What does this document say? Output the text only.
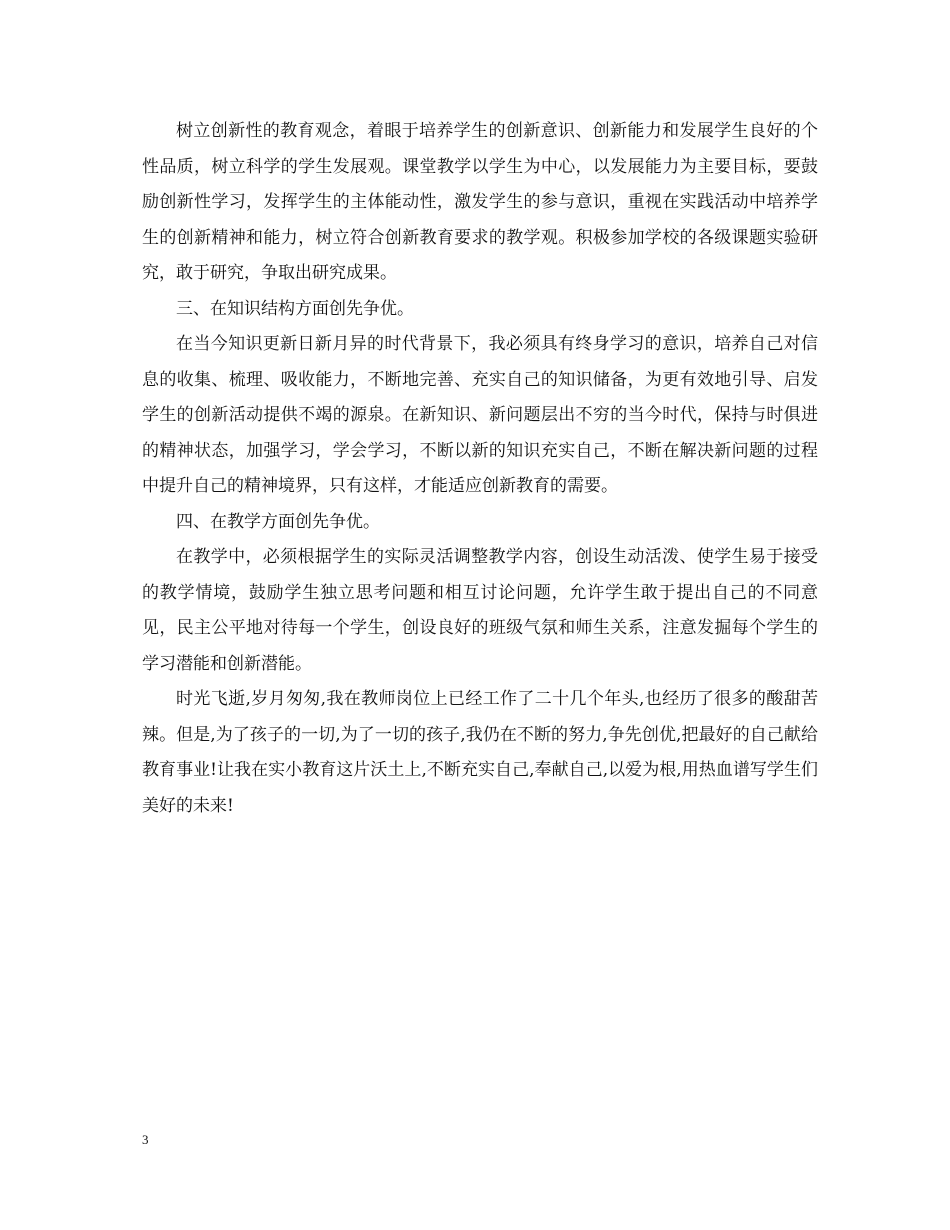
树立创新性的教育观念，着眼于培养学生的创新意识、创新能力和发展学生良好的个性品质，树立科学的学生发展观。课堂教学以学生为中心，以发展能力为主要目标，要鼓励创新性学习，发挥学生的主体能动性，激发学生的参与意识，重视在实践活动中培养学生的创新精神和能力，树立符合创新教育要求的教学观。积极参加学校的各级课题实验研究，敢于研究，争取出研究成果。

三、在知识结构方面创先争优。

在当今知识更新日新月异的时代背景下，我必须具有终身学习的意识，培养自己对信息的收集、梳理、吸收能力，不断地完善、充实自己的知识储备，为更有效地引导、启发学生的创新活动提供不竭的源泉。在新知识、新问题层出不穷的当今时代，保持与时俱进的精神状态，加强学习，学会学习，不断以新的知识充实自己，不断在解决新问题的过程中提升自己的精神境界，只有这样，才能适应创新教育的需要。

四、在教学方面创先争优。

在教学中，必须根据学生的实际灵活调整教学内容，创设生动活泼、使学生易于接受的教学情境，鼓励学生独立思考问题和相互讨论问题，允许学生敢于提出自己的不同意见，民主公平地对待每一个学生，创设良好的班级气氛和师生关系，注意发掘每个学生的学习潜能和创新潜能。

时光飞逝,岁月匆匆,我在教师岗位上已经工作了二十几个年头,也经历了很多的酸甜苦辣。但是,为了孩子的一切,为了一切的孩子,我仍在不断的努力,争先创优,把最好的自己献给教育事业!让我在实小教育这片沃土上,不断充实自己,奉献自己,以爱为根,用热血谱写学生们美好的未来!

3
